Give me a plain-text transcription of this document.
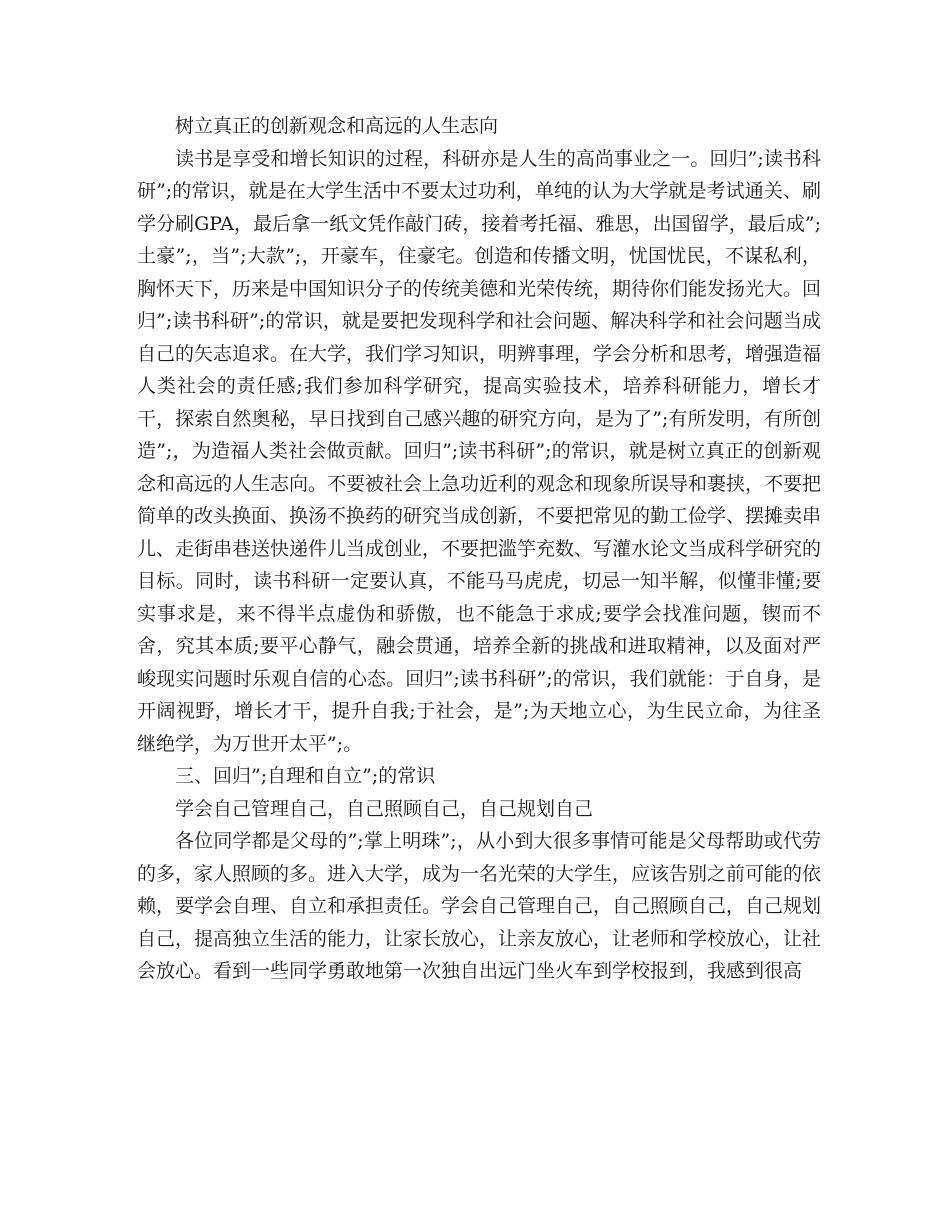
树立真正的创新观念和高远的人生志向

读书是享受和增长知识的过程，科研亦是人生的高尚事业之一。回归”;读书科研”;的常识，就是在大学生活中不要太过功利，单纯的认为大学就是考试通关、刷学分刷GPA，最后拿一纸文凭作敲门砖，接着考托福、雅思，出国留学，最后成”;土豪”;，当”;大款”;，开豪车，住豪宅。创造和传播文明，忧国忧民，不谋私利，胸怀天下，历来是中国知识分子的传统美德和光荣传统，期待你们能发扬光大。回归”;读书科研”;的常识，就是要把发现科学和社会问题、解决科学和社会问题当成自己的矢志追求。在大学，我们学习知识，明辨事理，学会分析和思考，增强造福人类社会的责任感;我们参加科学研究，提高实验技术，培养科研能力，增长才干，探索自然奥秘，早日找到自己感兴趣的研究方向，是为了”;有所发明，有所创造”;，为造福人类社会做贡献。回归”;读书科研”;的常识，就是树立真正的创新观念和高远的人生志向。不要被社会上急功近利的观念和现象所误导和裹挟，不要把简单的改头换面、换汤不换药的研究当成创新，不要把常见的勤工俭学、摆摊卖串儿、走街串巷送快递件儿当成创业，不要把滥竽充数、写灌水论文当成科学研究的目标。同时，读书科研一定要认真，不能马马虎虎，切忌一知半解，似懂非懂;要实事求是，来不得半点虚伪和骄傲，也不能急于求成;要学会找准问题，锲而不舍，究其本质;要平心静气，融会贯通，培养全新的挑战和进取精神，以及面对严峻现实问题时乐观自信的心态。回归”;读书科研”;的常识，我们就能：于自身，是开阔视野，增长才干，提升自我;于社会，是”;为天地立心，为生民立命，为往圣继绝学，为万世开太平”;。

三、回归”;自理和自立”;的常识

学会自己管理自己，自己照顾自己，自己规划自己

各位同学都是父母的”;掌上明珠”;，从小到大很多事情可能是父母帮助或代劳的多，家人照顾的多。进入大学，成为一名光荣的大学生，应该告别之前可能的依赖，要学会自理、自立和承担责任。学会自己管理自己，自己照顾自己，自己规划自己，提高独立生活的能力，让家长放心，让亲友放心，让老师和学校放心，让社会放心。看到一些同学勇敢地第一次独自出远门坐火车到学校报到，我感到很高
